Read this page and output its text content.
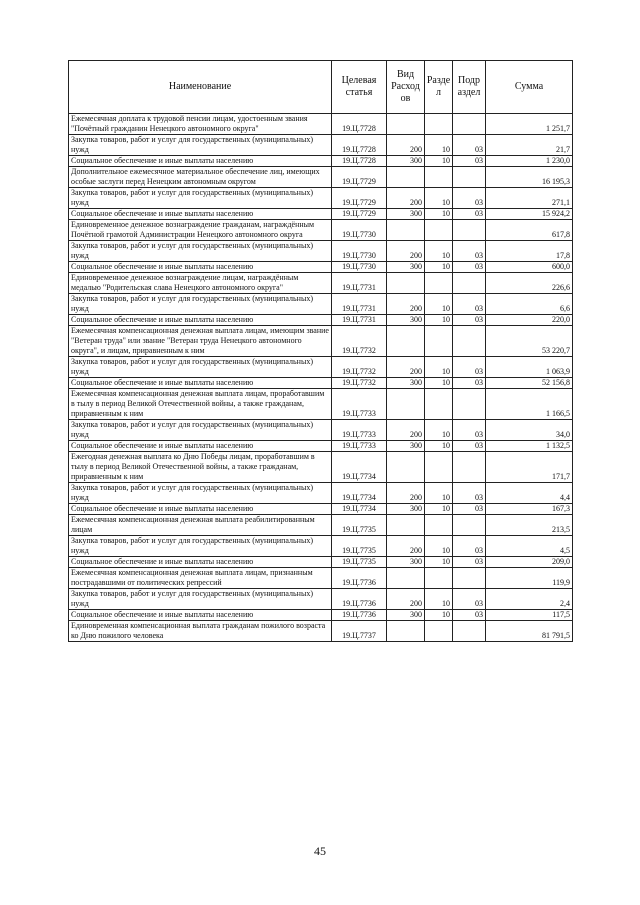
Наименование	Целевая статья	Вид Расход ов	Разде л	Подр аздел	Сумма
Ежемесячная доплата к трудовой пенсии лицам, удостоенным звания "Почётный гражданин Ненецкого автономного округа"	19.Ц.7728				1 251,7
Закупка товаров, работ и услуг для государственных (муниципальных) нужд	19.Ц.7728	200	10	03	21,7
Социальное обеспечение и иные выплаты населению	19.Ц.7728	300	10	03	1 230,0
Дополнительное ежемесячное материальное обеспечение лиц, имеющих особые заслуги перед Ненецким автономным округом	19.Ц.7729				16 195,3
Закупка товаров, работ и услуг для государственных (муниципальных) нужд	19.Ц.7729	200	10	03	271,1
Социальное обеспечение и иные выплаты населению	19.Ц.7729	300	10	03	15 924,2
Единовременное денежное вознаграждение гражданам, награждённым Почётной грамотой Администрации Ненецкого автономного округа	19.Ц.7730				617,8
Закупка товаров, работ и услуг для государственных (муниципальных) нужд	19.Ц.7730	200	10	03	17,8
Социальное обеспечение и иные выплаты населению	19.Ц.7730	300	10	03	600,0
Единовременное денежное вознаграждение лицам, награждённым медалью "Родительская слава Ненецкого автономного округа"	19.Ц.7731				226,6
Закупка товаров, работ и услуг для государственных (муниципальных) нужд	19.Ц.7731	200	10	03	6,6
Социальное обеспечение и иные выплаты населению	19.Ц.7731	300	10	03	220,0
Ежемесячная компенсационная денежная выплата лицам, имеющим звание "Ветеран труда" или звание "Ветеран труда Ненецкого автономного округа", и лицам, приравненным к ним	19.Ц.7732				53 220,7
Закупка товаров, работ и услуг для государственных (муниципальных) нужд	19.Ц.7732	200	10	03	1 063,9
Социальное обеспечение и иные выплаты населению	19.Ц.7732	300	10	03	52 156,8
Ежемесячная компенсационная денежная выплата лицам, проработавшим в тылу в период Великой Отечественной войны, а также гражданам, приравненным к ним	19.Ц.7733				1 166,5
Закупка товаров, работ и услуг для государственных (муниципальных) нужд	19.Ц.7733	200	10	03	34,0
Социальное обеспечение и иные выплаты населению	19.Ц.7733	300	10	03	1 132,5
Ежегодная денежная выплата ко Дню Победы лицам, проработавшим в тылу в период Великой Отечественной войны, а также гражданам, приравненным к ним	19.Ц.7734				171,7
Закупка товаров, работ и услуг для государственных (муниципальных) нужд	19.Ц.7734	200	10	03	4,4
Социальное обеспечение и иные выплаты населению	19.Ц.7734	300	10	03	167,3
Ежемесячная компенсационная денежная выплата реабилитированным лицам	19.Ц.7735				213,5
Закупка товаров, работ и услуг для государственных (муниципальных) нужд	19.Ц.7735	200	10	03	4,5
Социальное обеспечение и иные выплаты населению	19.Ц.7735	300	10	03	209,0
Ежемесячная компенсационная денежная выплата лицам, признанным пострадавшими от политических репрессий	19.Ц.7736				119,9
Закупка товаров, работ и услуг для государственных (муниципальных) нужд	19.Ц.7736	200	10	03	2,4
Социальное обеспечение и иные выплаты населению	19.Ц.7736	300	10	03	117,5
Единовременная компенсационная выплата гражданам пожилого возраста ко Дню пожилого человека	19.Ц.7737				81 791,5
45
